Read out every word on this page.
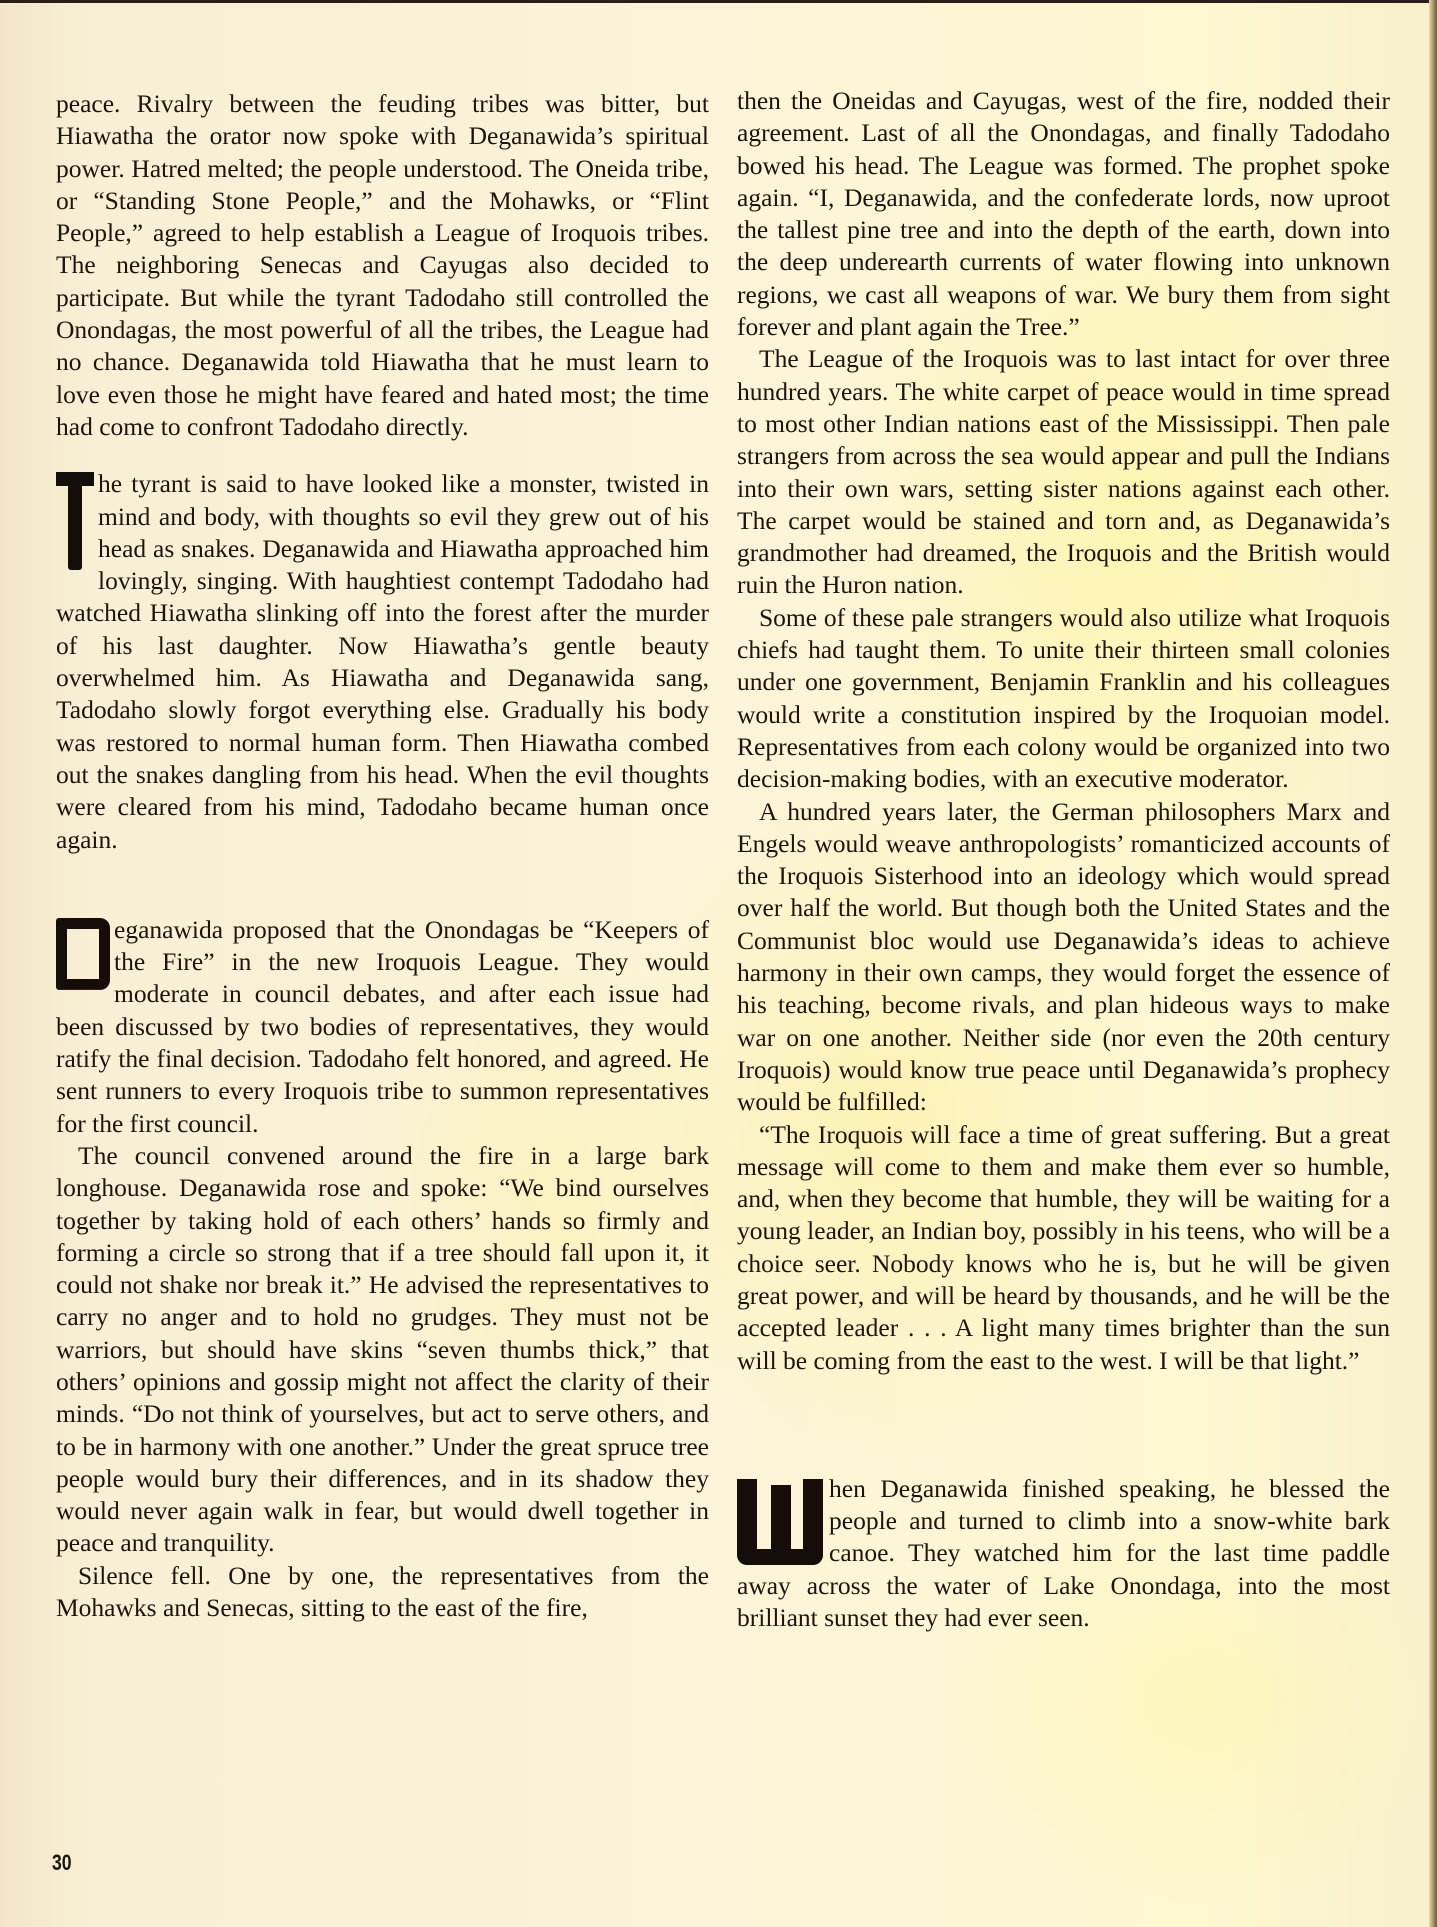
peace. Rivalry between the feuding tribes was bitter, but Hiawatha the orator now spoke with Deganawida’s spiritual power. Hatred melted; the people understood. The Oneida tribe, or “Standing Stone People,” and the Mohawks, or “Flint People,” agreed to help establish a League of Iroquois tribes. The neighboring Senecas and Cayugas also decided to participate. But while the tyrant Tadodaho still controlled the Onondagas, the most powerful of all the tribes, the League had no chance. Deganawida told Hiawatha that he must learn to love even those he might have feared and hated most; the time had come to confront Tadodaho directly.

he tyrant is said to have looked like a monster, twisted in mind and body, with thoughts so evil they grew out of his head as snakes. Deganawida and Hiawatha approached him lovingly, singing. With haughtiest contempt Tadodaho had watched Hiawatha slinking off into the forest after the murder of his last daughter. Now Hiawatha’s gentle beauty overwhelmed him. As Hiawatha and Deganawida sang, Tadodaho slowly forgot everything else. Gradually his body was restored to normal human form. Then Hiawatha combed out the snakes dangling from his head. When the evil thoughts were cleared from his mind, Tadodaho became human once again.

eganawida proposed that the Onondagas be “Keepers of the Fire” in the new Iroquois League. They would moderate in council debates, and after each issue had been discussed by two bodies of representatives, they would ratify the final decision. Tadodaho felt honored, and agreed. He sent runners to every Iroquois tribe to summon representatives for the first council.

The council convened around the fire in a large bark longhouse. Deganawida rose and spoke: “We bind ourselves together by taking hold of each others’ hands so firmly and forming a circle so strong that if a tree should fall upon it, it could not shake nor break it.” He advised the representatives to carry no anger and to hold no grudges. They must not be warriors, but should have skins “seven thumbs thick,” that others’ opinions and gossip might not affect the clarity of their minds. “Do not think of yourselves, but act to serve others, and to be in harmony with one another.” Under the great spruce tree people would bury their differences, and in its shadow they would never again walk in fear, but would dwell together in peace and tranquility.

Silence fell. One by one, the representatives from the Mohawks and Senecas, sitting to the east of the fire,

then the Oneidas and Cayugas, west of the fire, nodded their agreement. Last of all the Onondagas, and finally Tadodaho bowed his head. The League was formed. The prophet spoke again. “I, Deganawida, and the confederate lords, now uproot the tallest pine tree and into the depth of the earth, down into the deep underearth currents of water flowing into unknown regions, we cast all weapons of war. We bury them from sight forever and plant again the Tree.”

The League of the Iroquois was to last intact for over three hundred years. The white carpet of peace would in time spread to most other Indian nations east of the Mississippi. Then pale strangers from across the sea would appear and pull the Indians into their own wars, setting sister nations against each other. The carpet would be stained and torn and, as Deganawida’s grandmother had dreamed, the Iroquois and the British would ruin the Huron nation.

Some of these pale strangers would also utilize what Iroquois chiefs had taught them. To unite their thirteen small colonies under one government, Benjamin Franklin and his colleagues would write a constitution inspired by the Iroquoian model. Representatives from each colony would be organized into two decision-making bodies, with an executive moderator.

A hundred years later, the German philosophers Marx and Engels would weave anthropologists’ romanticized accounts of the Iroquois Sisterhood into an ideology which would spread over half the world. But though both the United States and the Communist bloc would use Deganawida’s ideas to achieve harmony in their own camps, they would forget the essence of his teaching, become rivals, and plan hideous ways to make war on one another. Neither side (nor even the 20th century Iroquois) would know true peace until Deganawida’s prophecy would be fulfilled:

“The Iroquois will face a time of great suffering. But a great message will come to them and make them ever so humble, and, when they become that humble, they will be waiting for a young leader, an Indian boy, possibly in his teens, who will be a choice seer. Nobody knows who he is, but he will be given great power, and will be heard by thousands, and he will be the accepted leader . . . A light many times brighter than the sun will be coming from the east to the west. I will be that light.”

hen Deganawida finished speaking, he blessed the people and turned to climb into a snow-white bark canoe. They watched him for the last time paddle away across the water of Lake Onondaga, into the most brilliant sunset they had ever seen.

30
